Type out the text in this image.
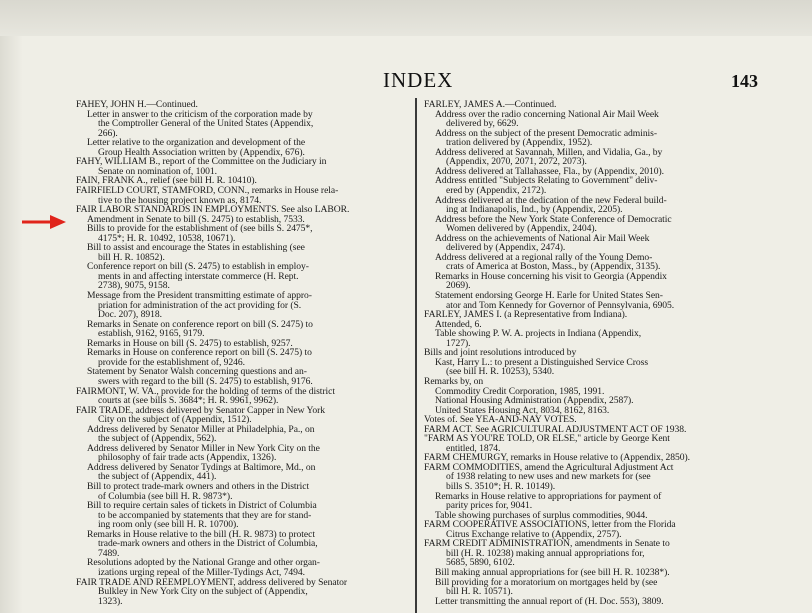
INDEX	143
FAHEY, JOHN H.—Continued.
Letter in answer to the criticism of the corporation made by
the Comptroller General of the United States (Appendix,
266).
Letter relative to the organization and development of the
Group Health Association written by (Appendix, 676).
FAHY, WILLIAM B., report of the Committee on the Judiciary in
Senate on nomination of, 1001.
FAIN, FRANK A., relief (see bill H. R. 10410).
FAIRFIELD COURT, STAMFORD, CONN., remarks in House rela-
tive to the housing project known as, 8174.
FAIR LABOR STANDARDS IN EMPLOYMENTS. See also LABOR.
Amendment in Senate to bill (S. 2475) to establish, 7533.
Bills to provide for the establishment of (see bills S. 2475*,
4175*; H. R. 10492, 10538, 10671).
Bill to assist and encourage the States in establishing (see
bill H. R. 10852).
Conference report on bill (S. 2475) to establish in employ-
ments in and affecting interstate commerce (H. Rept.
2738), 9075, 9158.
Message from the President transmitting estimate of appro-
priation for administration of the act providing for (S.
Doc. 207), 8918.
Remarks in Senate on conference report on bill (S. 2475) to
establish, 9162, 9165, 9179.
Remarks in House on bill (S. 2475) to establish, 9257.
Remarks in House on conference report on bill (S. 2475) to
provide for the establishment of, 9246.
Statement by Senator Walsh concerning questions and an-
swers with regard to the bill (S. 2475) to establish, 9176.
FAIRMONT, W. VA., provide for the holding of terms of the district
courts at (see bills S. 3684*; H. R. 9961, 9962).
FAIR TRADE, address delivered by Senator Capper in New York
City on the subject of (Appendix, 1512).
Address delivered by Senator Miller at Philadelphia, Pa., on
the subject of (Appendix, 562).
Address delivered by Senator Miller in New York City on the
philosophy of fair trade acts (Appendix, 1326).
Address delivered by Senator Tydings at Baltimore, Md., on
the subject of (Appendix, 441).
Bill to protect trade-mark owners and others in the District
of Columbia (see bill H. R. 9873*).
Bill to require certain sales of tickets in District of Columbia
to be accompanied by statements that they are for stand-
ing room only (see bill H. R. 10700).
Remarks in House relative to the bill (H. R. 9873) to protect
trade-mark owners and others in the District of Columbia,
7489.
Resolutions adopted by the National Grange and other organ-
izations urging repeal of the Miller-Tydings Act, 7494.
FAIR TRADE AND REEMPLOYMENT, address delivered by Senator
Bulkley in New York City on the subject of (Appendix,
1323).
FARLEY, JAMES A.—Continued.
Address over the radio concerning National Air Mail Week
delivered by, 6629.
Address on the subject of the present Democratic adminis-
tration delivered by (Appendix, 1952).
Address delivered at Savannah, Millen, and Vidalia, Ga., by
(Appendix, 2070, 2071, 2072, 2073).
Address delivered at Tallahassee, Fla., by (Appendix, 2010).
Address entitled "Subjects Relating to Government" deliv-
ered by (Appendix, 2172).
Address delivered at the dedication of the new Federal build-
ing at Indianapolis, Ind., by (Appendix, 2205).
Address before the New York State Conference of Democratic
Women delivered by (Appendix, 2404).
Address on the achievements of National Air Mail Week
delivered by (Appendix, 2474).
Address delivered at a regional rally of the Young Demo-
crats of America at Boston, Mass., by (Appendix, 3135).
Remarks in House concerning his visit to Georgia (Appendix
2069).
Statement endorsing George H. Earle for United States Sen-
ator and Tom Kennedy for Governor of Pennsylvania, 6905.
FARLEY, JAMES I. (a Representative from Indiana).
Attended, 6.
Table showing P. W. A. projects in Indiana (Appendix,
1727).
Bills and joint resolutions introduced by
Kast, Harry L.: to present a Distinguished Service Cross
(see bill H. R. 10253), 5340.
Remarks by, on
Commodity Credit Corporation, 1985, 1991.
National Housing Administration (Appendix, 2587).
United States Housing Act, 8034, 8162, 8163.
Votes of. See YEA-AND-NAY VOTES.
FARM ACT. See AGRICULTURAL ADJUSTMENT ACT OF 1938.
"FARM AS YOU'RE TOLD, OR ELSE," article by George Kent
entitled, 1874.
FARM CHEMURGY, remarks in House relative to (Appendix, 2850).
FARM COMMODITIES, amend the Agricultural Adjustment Act
of 1938 relating to new uses and new markets for (see
bills S. 3510*; H. R. 10149).
Remarks in House relative to appropriations for payment of
parity prices for, 9041.
Table showing purchases of surplus commodities, 9044.
FARM COOPERATIVE ASSOCIATIONS, letter from the Florida
Citrus Exchange relative to (Appendix, 2757).
FARM CREDIT ADMINISTRATION, amendments in Senate to
bill (H. R. 10238) making annual appropriations for,
5685, 5890, 6102.
Bill making annual appropriations for (see bill H. R. 10238*).
Bill providing for a moratorium on mortgages held by (see
bill H. R. 10571).
Letter transmitting the annual report of (H. Doc. 553), 3809.
